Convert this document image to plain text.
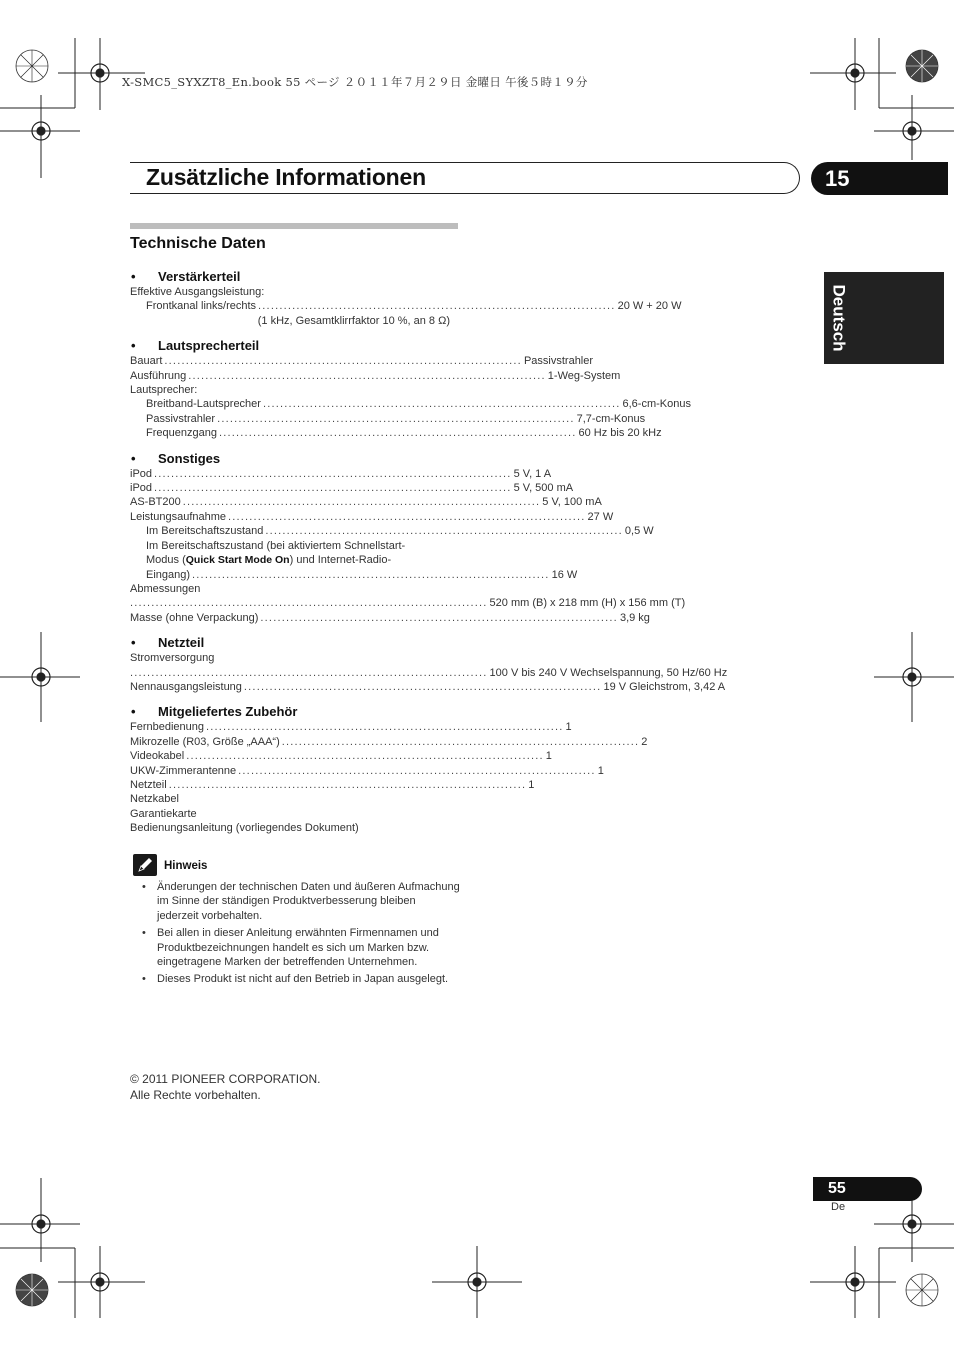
X-SMC5_SYXZT8_En.book 55 ページ ２０１１年７月２９日 金曜日 午後５時１９分
Zusätzliche Informationen	15
Deutsch
Technische Daten
•	Verstärkerteil
Effektive Ausgangsleistung:
Frontkanal links/rechts .................................................................................... 20 W + 20 W
(1 kHz, Gesamtklirrfaktor 10 %, an 8 Ω)
•	Lautsprecherteil
Bauart .................................................................................... Passivstrahler
Ausführung .................................................................................... 1-Weg-System
Lautsprecher:
Breitband-Lautsprecher .................................................................................... 6,6-cm-Konus
Passivstrahler .................................................................................... 7,7-cm-Konus
Frequenzgang .................................................................................... 60 Hz bis 20 kHz
•	Sonstiges
iPod .................................................................................... 5 V, 1 A
iPod .................................................................................... 5 V, 500 mA
AS-BT200 .................................................................................... 5 V, 100 mA
Leistungsaufnahme .................................................................................... 27 W
Im Bereitschaftszustand .................................................................................... 0,5 W
Im Bereitschaftszustand (bei aktiviertem Schnellstart-
Modus (Quick Start Mode On) und Internet-Radio-
Eingang) .................................................................................... 16 W
Abmessungen
.................................................................................... 520 mm (B) x 218 mm (H) x 156 mm (T)
Masse (ohne Verpackung) .................................................................................... 3,9 kg
•	Netzteil
Stromversorgung
.................................................................................... 100 V bis 240 V Wechselspannung, 50 Hz/60 Hz
Nennausgangsleistung .................................................................................... 19 V Gleichstrom, 3,42 A
•	Mitgeliefertes Zubehör
Fernbedienung .................................................................................... 1
Mikrozelle (R03, Größe „AAA“) .................................................................................... 2
Videokabel .................................................................................... 1
UKW-Zimmerantenne .................................................................................... 1
Netzteil .................................................................................... 1
Netzkabel
Garantiekarte
Bedienungsanleitung (vorliegendes Dokument)
Hinweis
• Änderungen der technischen Daten und äußeren Aufmachung im Sinne der ständigen Produktverbesserung bleiben jederzeit vorbehalten.
• Bei allen in dieser Anleitung erwähnten Firmennamen und Produktbezeichnungen handelt es sich um Marken bzw. eingetragene Marken der betreffenden Unternehmen.
• Dieses Produkt ist nicht auf den Betrieb in Japan ausgelegt.
© 2011 PIONEER CORPORATION.
Alle Rechte vorbehalten.
55
De
